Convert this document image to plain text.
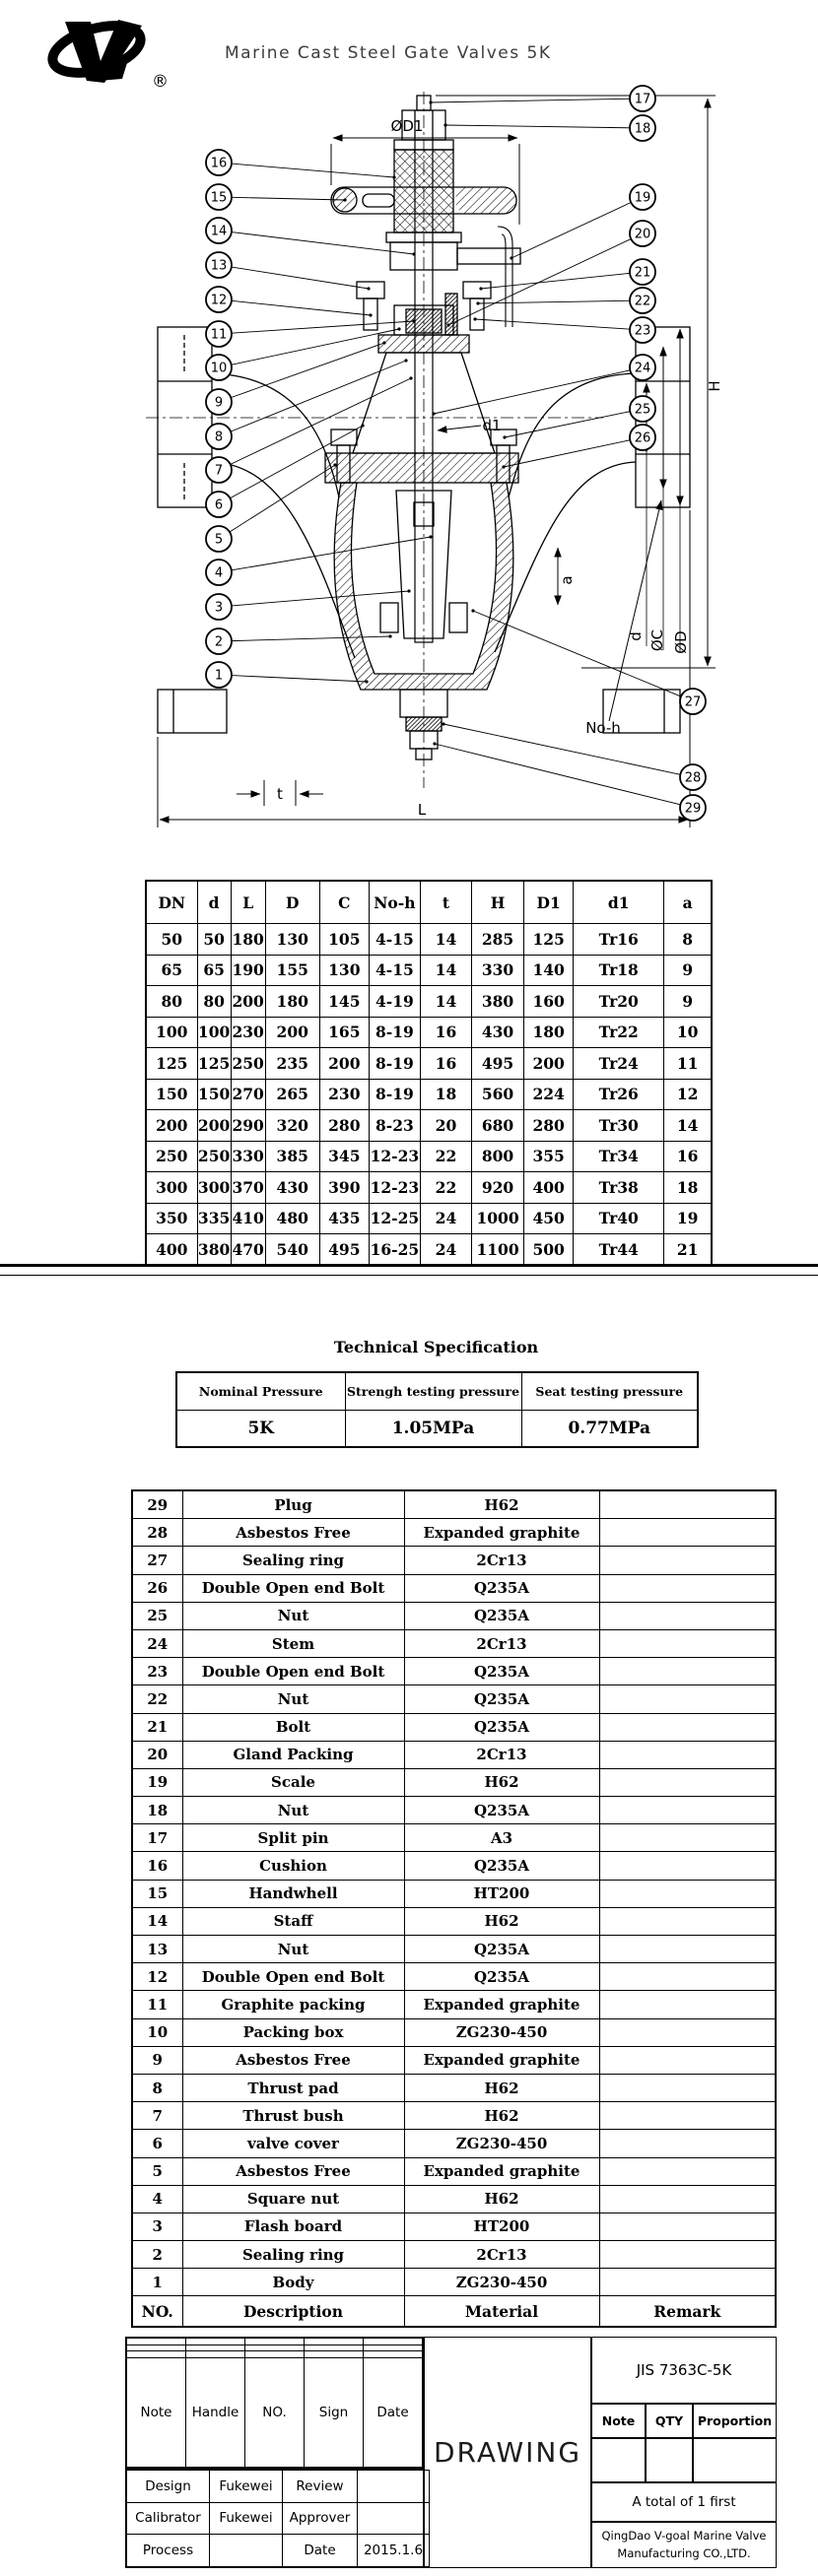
®
Marine Cast Steel Gate Valves 5K
16
15
14
13
12
11
10
9
8
7
6
5
4
3
2
1
17
18
19
20
21
22
23
24
25
26
27
28
29
ØD1
H
d1
a
d ØC ØD
No-h
t
L
DN	d	L	D	C	No-h	t	H	D1	d1	a
50	50	180	130	105	4-15	14	285	125	Tr16	8
65	65	190	155	130	4-15	14	330	140	Tr18	9
80	80	200	180	145	4-19	14	380	160	Tr20	9
100	100	230	200	165	8-19	16	430	180	Tr22	10
125	125	250	235	200	8-19	16	495	200	Tr24	11
150	150	270	265	230	8-19	18	560	224	Tr26	12
200	200	290	320	280	8-23	20	680	280	Tr30	14
250	250	330	385	345	12-23	22	800	355	Tr34	16
300	300	370	430	390	12-23	22	920	400	Tr38	18
350	335	410	480	435	12-25	24	1000	450	Tr40	19
400	380	470	540	495	16-25	24	1100	500	Tr44	21
Technical Specification
Nominal Pressure	Strengh testing pressure	Seat testing pressure
5K	1.05MPa	0.77MPa
29	Plug	H62	
28	Asbestos Free	Expanded graphite	
27	Sealing ring	2Cr13	
26	Double Open end Bolt	Q235A	
25	Nut	Q235A	
24	Stem	2Cr13	
23	Double Open end Bolt	Q235A	
22	Nut	Q235A	
21	Bolt	Q235A	
20	Gland Packing	2Cr13	
19	Scale	H62	
18	Nut	Q235A	
17	Split pin	A3	
16	Cushion	Q235A	
15	Handwhell	HT200	
14	Staff	H62	
13	Nut	Q235A	
12	Double Open end Bolt	Q235A	
11	Graphite packing	Expanded graphite	
10	Packing box	ZG230-450	
9	Asbestos Free	Expanded graphite	
8	Thrust pad	H62	
7	Thrust bush	H62	
6	valve cover	ZG230-450	
5	Asbestos Free	Expanded graphite	
4	Square nut	H62	
3	Flash board	HT200	
2	Sealing ring	2Cr13	
1	Body	ZG230-450	
NO.	Description	Material	Remark

Note	Handle	NO.	Sign	Date
Design	Fukewei	Review	
Calibrator	Fukewei	Approver	
Process		Date	2015.1.6
DRAWING
JIS 7363C-5K
Note	QTY	Proportion
A total of 1 first
QingDao V-goal Marine Valve
Manufacturing CO.,LTD.
